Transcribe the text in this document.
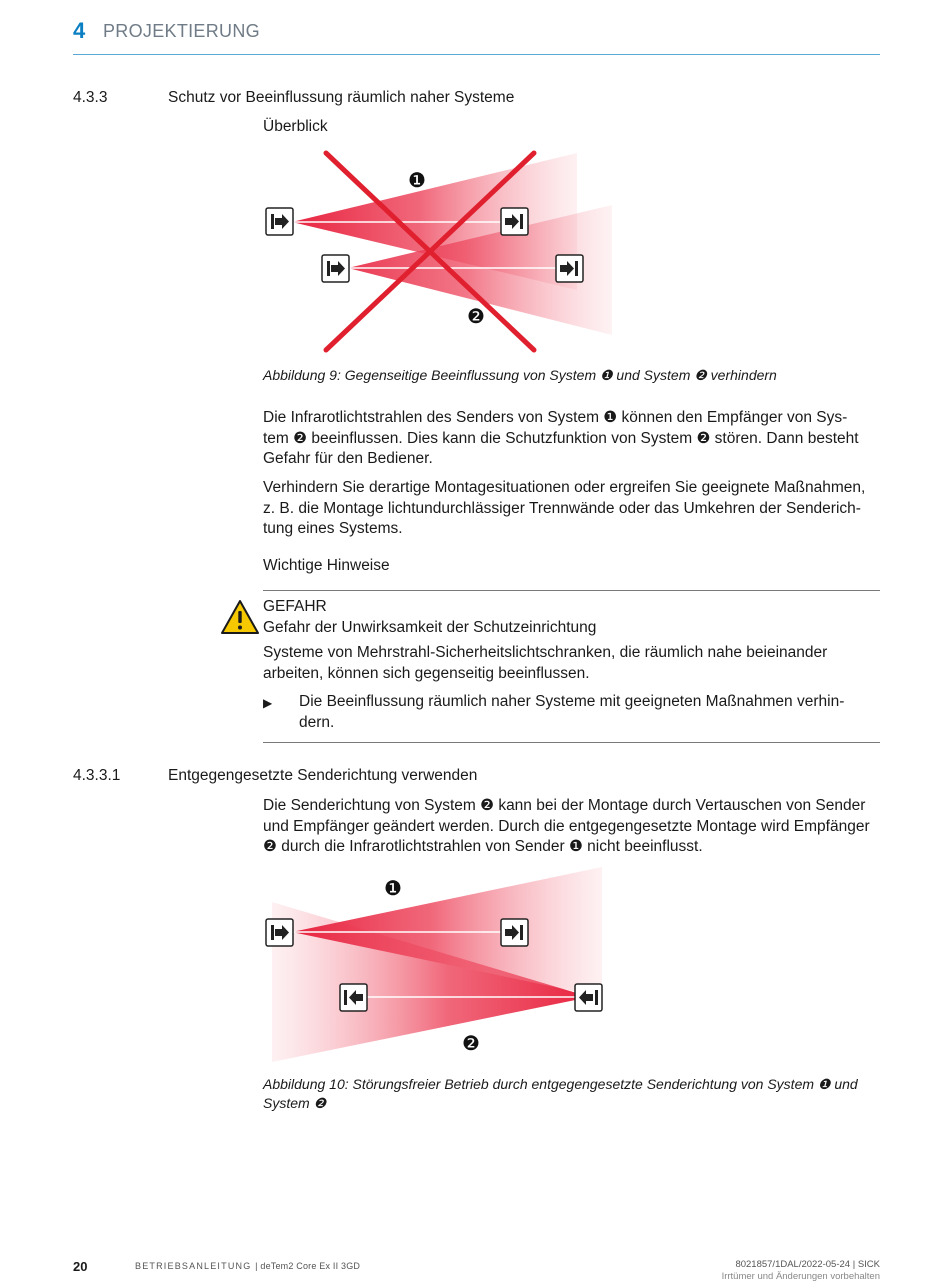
4 PROJEKTIERUNG
4.3.3	Schutz vor Beeinflussung räumlich naher Systeme
Überblick
❶
❷
Abbildung 9: Gegenseitige Beeinflussung von System ❶ und System ❷ verhindern
Die Infrarotlichtstrahlen des Senders von System ❶ können den Empfänger von Sys-
tem ❷ beeinflussen. Dies kann die Schutzfunktion von System ❷ stören. Dann besteht
Gefahr für den Bediener.
Verhindern Sie derartige Montagesituationen oder ergreifen Sie geeignete Maßnahmen,
z. B. die Montage lichtundurchlässiger Trennwände oder das Umkehren der Senderich-
tung eines Systems.
Wichtige Hinweise
GEFAHR
Gefahr der Unwirksamkeit der Schutzeinrichtung
Systeme von Mehrstrahl-Sicherheitslichtschranken, die räumlich nahe beieinander
arbeiten, können sich gegenseitig beeinflussen.
▶ Die Beeinflussung räumlich naher Systeme mit geeigneten Maßnahmen verhin-
dern.
4.3.3.1	Entgegengesetzte Senderichtung verwenden
Die Senderichtung von System ❷ kann bei der Montage durch Vertauschen von Sender
und Empfänger geändert werden. Durch die entgegengesetzte Montage wird Empfänger
❷ durch die Infrarotlichtstrahlen von Sender ❶ nicht beeinflusst.
❶
❷
Abbildung 10: Störungsfreier Betrieb durch entgegengesetzte Senderichtung von System ❶ und
System ❷
20	BETRIEBSANLEITUNG | deTem2 Core Ex II 3GD	8021857/1DAL/2022-05-24 | SICK
Irrtümer und Änderungen vorbehalten
